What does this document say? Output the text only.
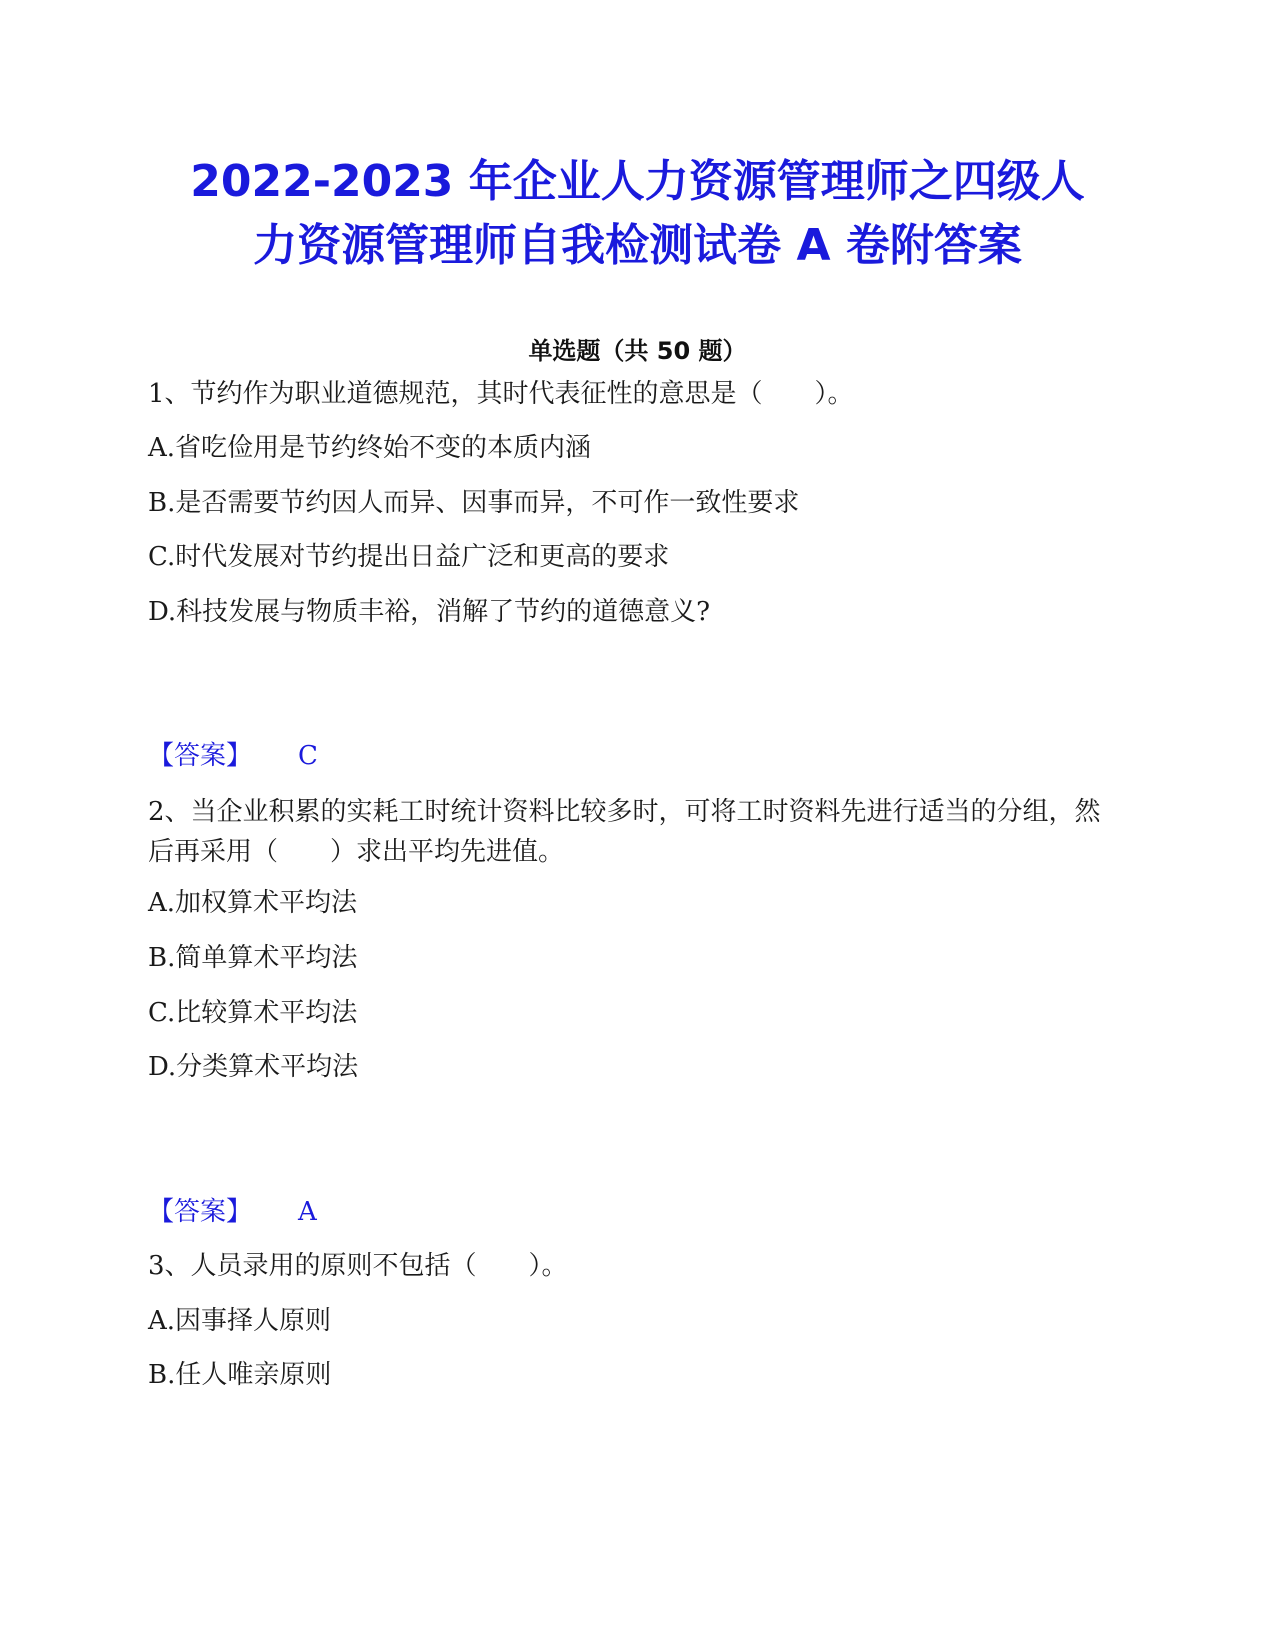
2022-2023 年企业人力资源管理师之四级人
力资源管理师自我检测试卷 A 卷附答案
单选题（共 50 题）
1、节约作为职业道德规范，其时代表征性的意思是（　　）。
A.省吃俭用是节约终始不变的本质内涵
B.是否需要节约因人而异、因事而异，不可作一致性要求
C.时代发展对节约提出日益广泛和更高的要求
D.科技发展与物质丰裕，消解了节约的道德意义?
【答案】 C
2、当企业积累的实耗工时统计资料比较多时，可将工时资料先进行适当的分组，然后再采用（　　）求出平均先进值。
A.加权算术平均法
B.简单算术平均法
C.比较算术平均法
D.分类算术平均法
【答案】 A
3、人员录用的原则不包括（　　）。
A.因事择人原则
B.任人唯亲原则
